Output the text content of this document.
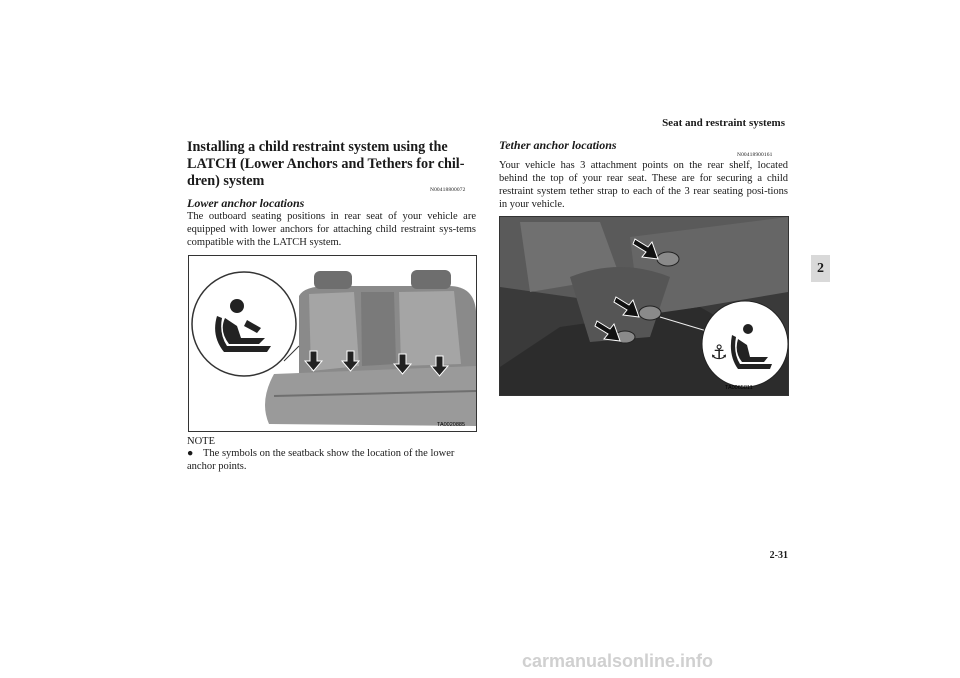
Seat and restraint systems
2
Installing a child restraint system using the LATCH (Lower Anchors and Tethers for chil-dren) system
N00418800072
Lower anchor locations
The outboard seating positions in rear seat of your vehicle are equipped with lower anchors for attaching child restraint sys-tems compatible with the LATCH system.
TA0020885
NOTE
● The symbols on the seatback show the location of the lower anchor points.
Tether anchor locations
N00418900161
Your vehicle has 3 attachment points on the rear shelf, located behind the top of your rear seat. These are for securing a child restraint system tether strap to each of the 3 rear seating posi-tions in your vehicle.
⚓
TA0065811
2-31
carmanualsonline.info
